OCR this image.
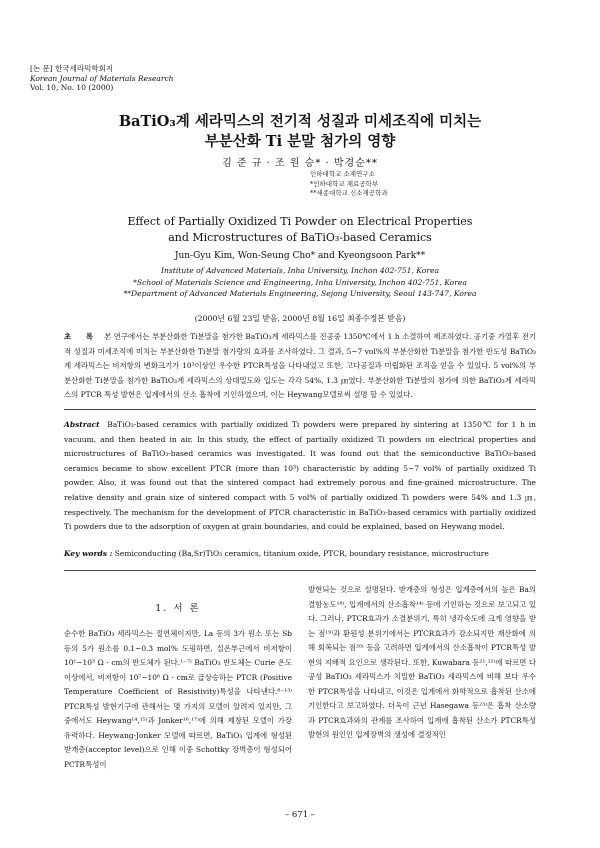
[논 문] 한국세라믹학회지
Korean Journal of Materials Research
Vol. 10, No. 10 (2000)
BaTiO₃계 세라믹스의 전기적 성질과 미세조직에 미치는
부분산화 Ti 분말 첨가의 영향
김 준 규 · 조 원 승* · 박경순**
인하대학교 소재연구소
*인하대학교 재료공학부
**세종대학교 신소재공학과
Effect of Partially Oxidized Ti Powder on Electrical Properties
and Microstructures of BaTiO₃-based Ceramics
Jun-Gyu Kim, Won-Seung Cho* and Kyeongsoon Park**
Institute of Advanced Materials, Inha University, Inchon 402-751, Korea
*School of Materials Science and Engineering, Inha University, Inchon 402-751, Korea
**Department of Advanced Materials Engineering, Sejong University, Seoul 143-747, Korea
(2000년 6월 23일 받음, 2000년 8월 16일 최종수정본 받음)
초 록 본 연구에서는 부분산화한 Ti분말을 첨가한 BaTiO₃계 세라믹스를 진공중 1350℃에서 1 h 소결하여 제조하였다. 공기중 가열후 전기적 성질과 미세조직에 미치는 부분산화한 Ti분말 첨가량의 효과를 조사하였다. 그 결과, 5~7 vol%의 부분산화한 Ti분말을 첨가한 반도성 BaTiO₃계 세라믹스는 비저항의 변화크기가 10³이상인 우수한 PTCR특성을 나타내었고 또한, 고다공질과 미립화된 조직을 얻을 수 있었다. 5 vol%의 부분산화한 Ti분말을 첨가한 BaTiO₃계 세라믹스의 상대밀도와 입도는 각각 54%, 1.3 ㎛였다. 부분산화한 Ti분말의 첨가에 의한 BaTiO₃계 세라믹스의 PTCR 특성 발현은 입계에서의 산소 흡착에 기인하였으며, 이는 Heywang모델로써 설명 할 수 있었다.
Abstract BaTiO₃-based ceramics with partially oxidized Ti powders were prepared by sintering at 1350℃ for 1 h in vacuum, and then heated in air. In this study, the effect of partially oxidized Ti powders on electrical properties and microstructures of BaTiO₃-based ceramics was investigated. It was found out that the semiconductive BaTiO₃-based ceramics became to show excellent PTCR (more than 10³) characteristic by adding 5~7 vol% of partially oxidized Ti powder. Also, it was found out that the sintered compact had extremely porous and fine-grained microstructure. The relative density and grain size of sintered compact with 5 vol% of partially oxidized Ti powders were 54% and 1.3 ㎛, respectively. The mechanism for the development of PTCR characteristic in BaTiO₃-based ceramics with partially oxidized Ti powders due to the adsorption of oxygen at grain boundaries, and could be explained, based on Heywang model.
Key words : Semiconducting (Ba,Sr)TiO₃ ceramics, titanium oxide, PTCR, boundary resistance, microstructure
1. 서 론
순수한 BaTiO₃ 세라믹스는 절연체이지만, La 등의 3가 원소 또는 Sb 등의 5가 원소를 0.1~0.3 mol% 도핑하면, 실온부근에서 비저항이 10¹~10³ Ω · cm의 반도체가 된다.¹⁻⁷⁾ BaTiO₃ 반도체는 Curie 온도이상에서, 비저항이 10⁷~10⁸ Ω · cm로 급상승하는 PTCR (Positive Temperature Coefficient of Resistivity)특성을 나타낸다.⁸⁻¹³⁾ PTCR특성 발현기구에 관해서는 몇 가지의 모델이 알려져 있지만, 그 중에서도 Heywang¹⁴,¹⁵⁾과 Jonker¹⁶,¹⁷⁾에 의해 제창된 모델이 가장 유력하다. Heywang-Jonker 모델에 따르면, BaTiO₃ 입계에 형성된 받개층(acceptor level)으로 인해 이중 Schottky 장벽층이 형성되어 PCTR특성이
발현되는 것으로 설명된다. 받개층의 형성은 입계층에서의 높은 Ba의 결함농도¹⁸⁾, 입계에서의 산소흡착¹⁴⁾ 등에 기인하는 것으로 보고되고 있다. 그러나, PTCR효과가 소결분위기, 특히 냉각속도에 크게 영향을 받는 점¹⁹⁾과 환원성 분위기에서는 PTCR효과가 감소되지만 재산화에 의해 회복되는 점²⁰⁾ 등을 고려하면 입계에서의 산소흡착이 PTCR특성 발현의 지배적 요인으로 생각된다. 또한, Kuwabara 등²¹,²²⁾에 따르면 다공성 BaTiO₃ 세라믹스가 치밀한 BaTiO₃ 세라믹스에 비해 보다 우수한 PTCR특성을 나타내고, 이것은 입계에서 화학적으로 흡착된 산소에 기인한다고 보고하였다. 더욱이 근년 Hasegawa 등²³⁾은 흡착 산소량과 PTCR효과와의 관계를 조사하여 입계에 흡착된 산소가 PTCR특성 발현의 원인인 입계장벽의 생성에 결정적인
– 671 –
